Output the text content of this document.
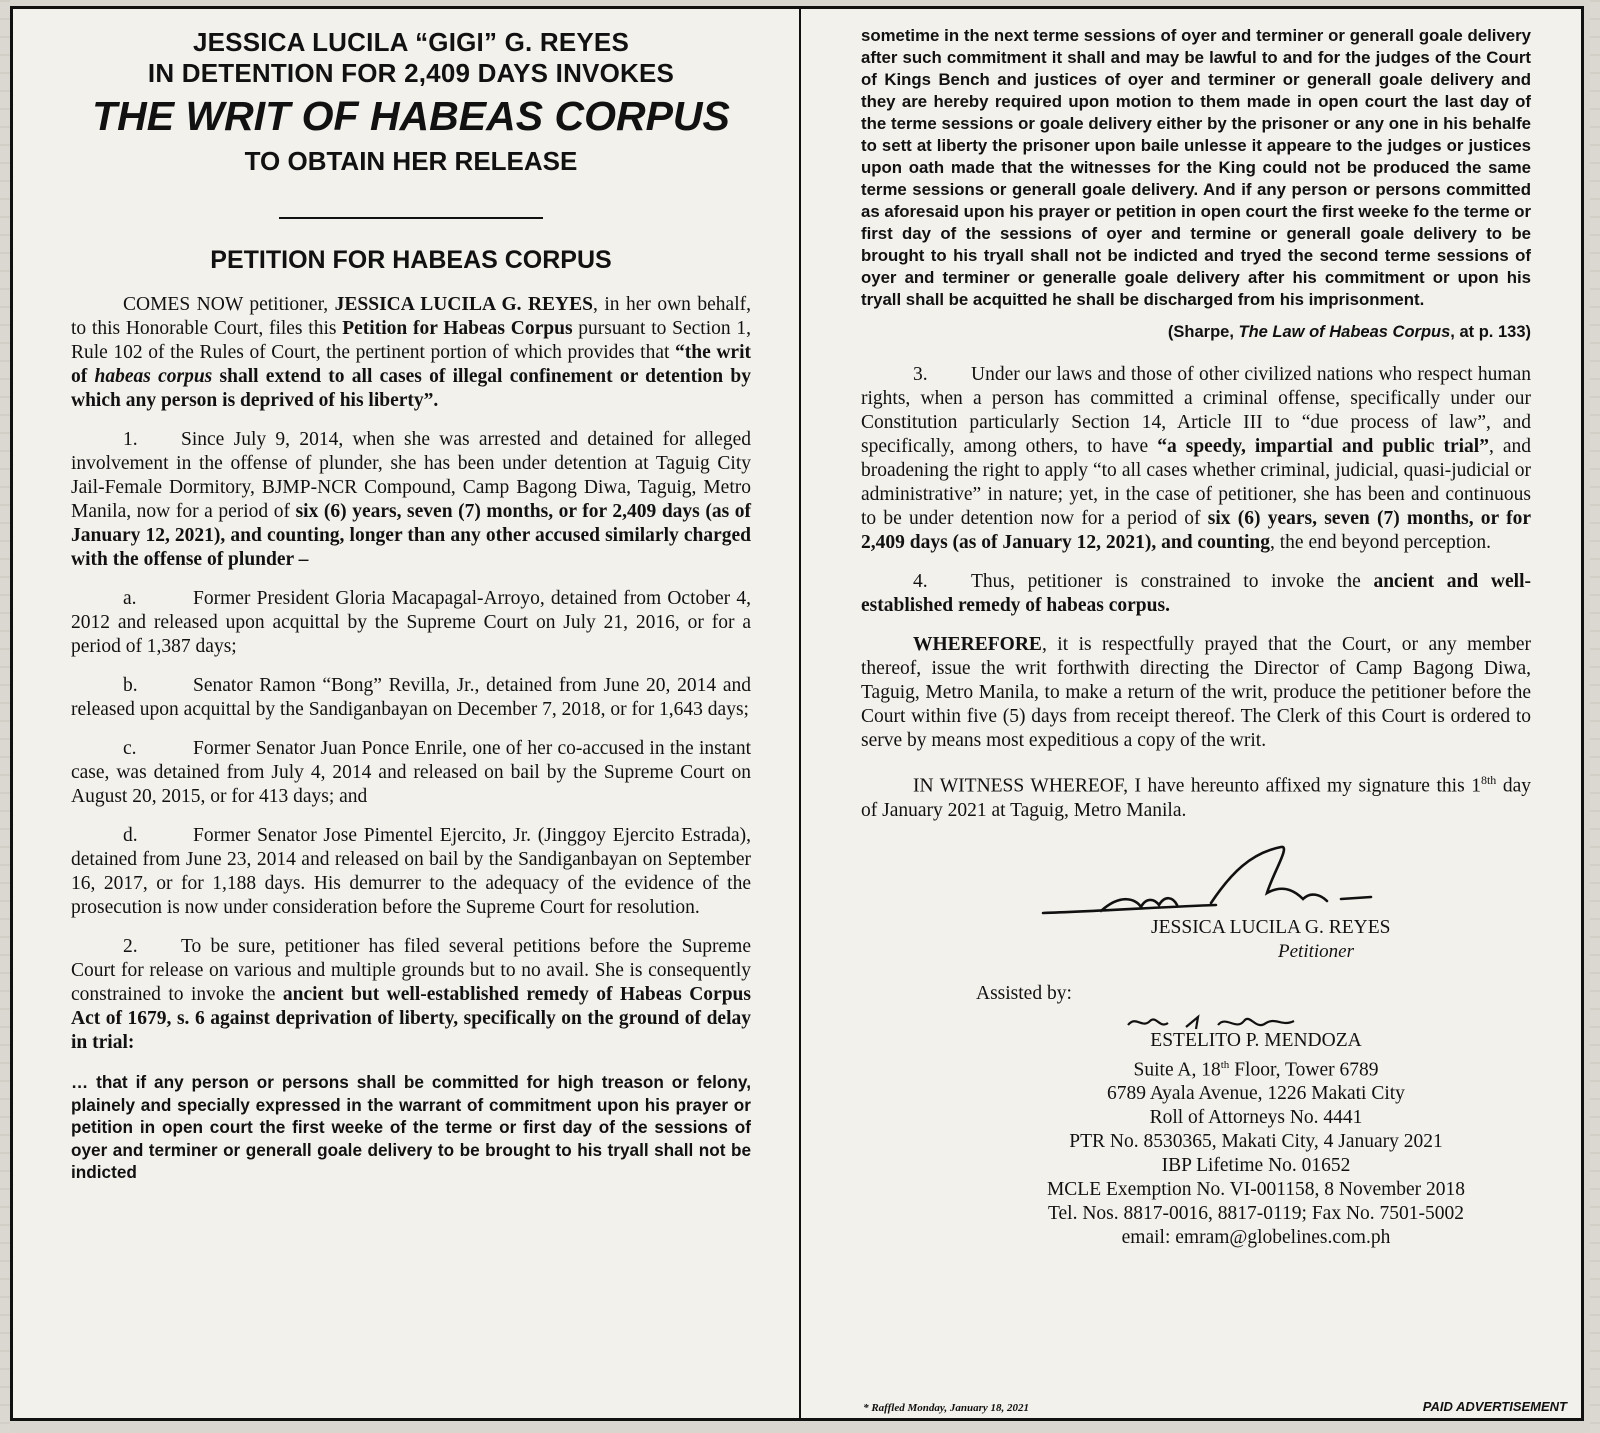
JESSICA LUCILA “GIGI” G. REYES
IN DETENTION FOR 2,409 DAYS INVOKES
THE WRIT OF HABEAS CORPUS
TO OBTAIN HER RELEASE
PETITION FOR HABEAS CORPUS

COMES NOW petitioner, JESSICA LUCILA G. REYES, in her own behalf, to this Honorable Court, files this Petition for Habeas Corpus pursuant to Section 1, Rule 102 of the Rules of Court, the pertinent portion of which provides that “the writ of habeas corpus shall extend to all cases of illegal confinement or detention by which any person is deprived of his liberty”.

1. Since July 9, 2014, when she was arrested and detained for alleged involvement in the offense of plunder, she has been under detention at Taguig City Jail-Female Dormitory, BJMP-NCR Compound, Camp Bagong Diwa, Taguig, Metro Manila, now for a period of six (6) years, seven (7) months, or for 2,409 days (as of January 12, 2021), and counting, longer than any other accused similarly charged with the offense of plunder –

a.	Former President Gloria Macapagal-Arroyo, detained from October 4, 2012 and released upon acquittal by the Supreme Court on July 21, 2016, or for a period of 1,387 days;

b.	Senator Ramon “Bong” Revilla, Jr., detained from June 20, 2014 and released upon acquittal by the Sandiganbayan on December 7, 2018, or for 1,643 days;

c.	Former Senator Juan Ponce Enrile, one of her co-accused in the instant case, was detained from July 4, 2014 and released on bail by the Supreme Court on August 20, 2015, or for 413 days; and

d.	Former Senator Jose Pimentel Ejercito, Jr. (Jinggoy Ejercito Estrada), detained from June 23, 2014 and released on bail by the Sandiganbayan on September 16, 2017, or for 1,188 days. His demurrer to the adequacy of the evidence of the prosecution is now under consideration before the Supreme Court for resolution.

2. To be sure, petitioner has filed several petitions before the Supreme Court for release on various and multiple grounds but to no avail. She is consequently constrained to invoke the ancient but well-established remedy of Habeas Corpus Act of 1679, s. 6 against deprivation of liberty, specifically on the ground of delay in trial:

… that if any person or persons shall be committed for high treason or felony, plainely and specially expressed in the warrant of commitment upon his prayer or petition in open court the first weeke of the terme or first day of the sessions of oyer and terminer or generall goale delivery to be brought to his tryall shall not be indicted

* Raffled Monday, January 18, 2021

sometime in the next terme sessions of oyer and terminer or generall goale delivery after such commitment it shall and may be lawful to and for the judges of the Court of Kings Bench and justices of oyer and terminer or generall goale delivery and they are hereby required upon motion to them made in open court the last day of the terme sessions or goale delivery either by the prisoner or any one in his behalfe to sett at liberty the prisoner upon baile unlesse it appeare to the judges or justices upon oath made that the witnesses for the King could not be produced the same terme sessions or generall goale delivery. And if any person or persons committed as aforesaid upon his prayer or petition in open court the first weeke fo the terme or first day of the sessions of oyer and termine or generall goale delivery to be brought to his tryall shall not be indicted and tryed the second terme sessions of oyer and terminer or generalle goale delivery after his commitment or upon his tryall shall be acquitted he shall be discharged from his imprisonment.

(Sharpe, The Law of Habeas Corpus, at p. 133)

3. Under our laws and those of other civilized nations who respect human rights, when a person has committed a criminal offense, specifically under our Constitution particularly Section 14, Article III to “due process of law”, and specifically, among others, to have “a speedy, impartial and public trial”, and broadening the right to apply “to all cases whether criminal, judicial, quasi-judicial or administrative” in nature; yet, in the case of petitioner, she has been and continuous to be under detention now for a period of six (6) years, seven (7) months, or for 2,409 days (as of January 12, 2021), and counting, the end beyond perception.

4. Thus, petitioner is constrained to invoke the ancient and well-established remedy of habeas corpus.

WHEREFORE, it is respectfully prayed that the Court, or any member thereof, issue the writ forthwith directing the Director of Camp Bagong Diwa, Taguig, Metro Manila, to make a return of the writ, produce the petitioner before the Court within five (5) days from receipt thereof. The Clerk of this Court is ordered to serve by means most expeditious a copy of the writ.

IN WITNESS WHEREOF, I have hereunto affixed my signature this $1^{8th}$ day of January 2021 at Taguig, Metro Manila.

JESSICA LUCILA G. REYES
Petitioner
Assisted by:
ESTELITO P. MENDOZA
Suite A, 18th Floor, Tower 6789
6789 Ayala Avenue, 1226 Makati City
Roll of Attorneys No. 4441
PTR No. 8530365, Makati City, 4 January 2021
IBP Lifetime No. 01652
MCLE Exemption No. VI-001158, 8 November 2018
Tel. Nos. 8817-0016, 8817-0119; Fax No. 7501-5002
email: emram@globelines.com.ph
PAID ADVERTISEMENT
